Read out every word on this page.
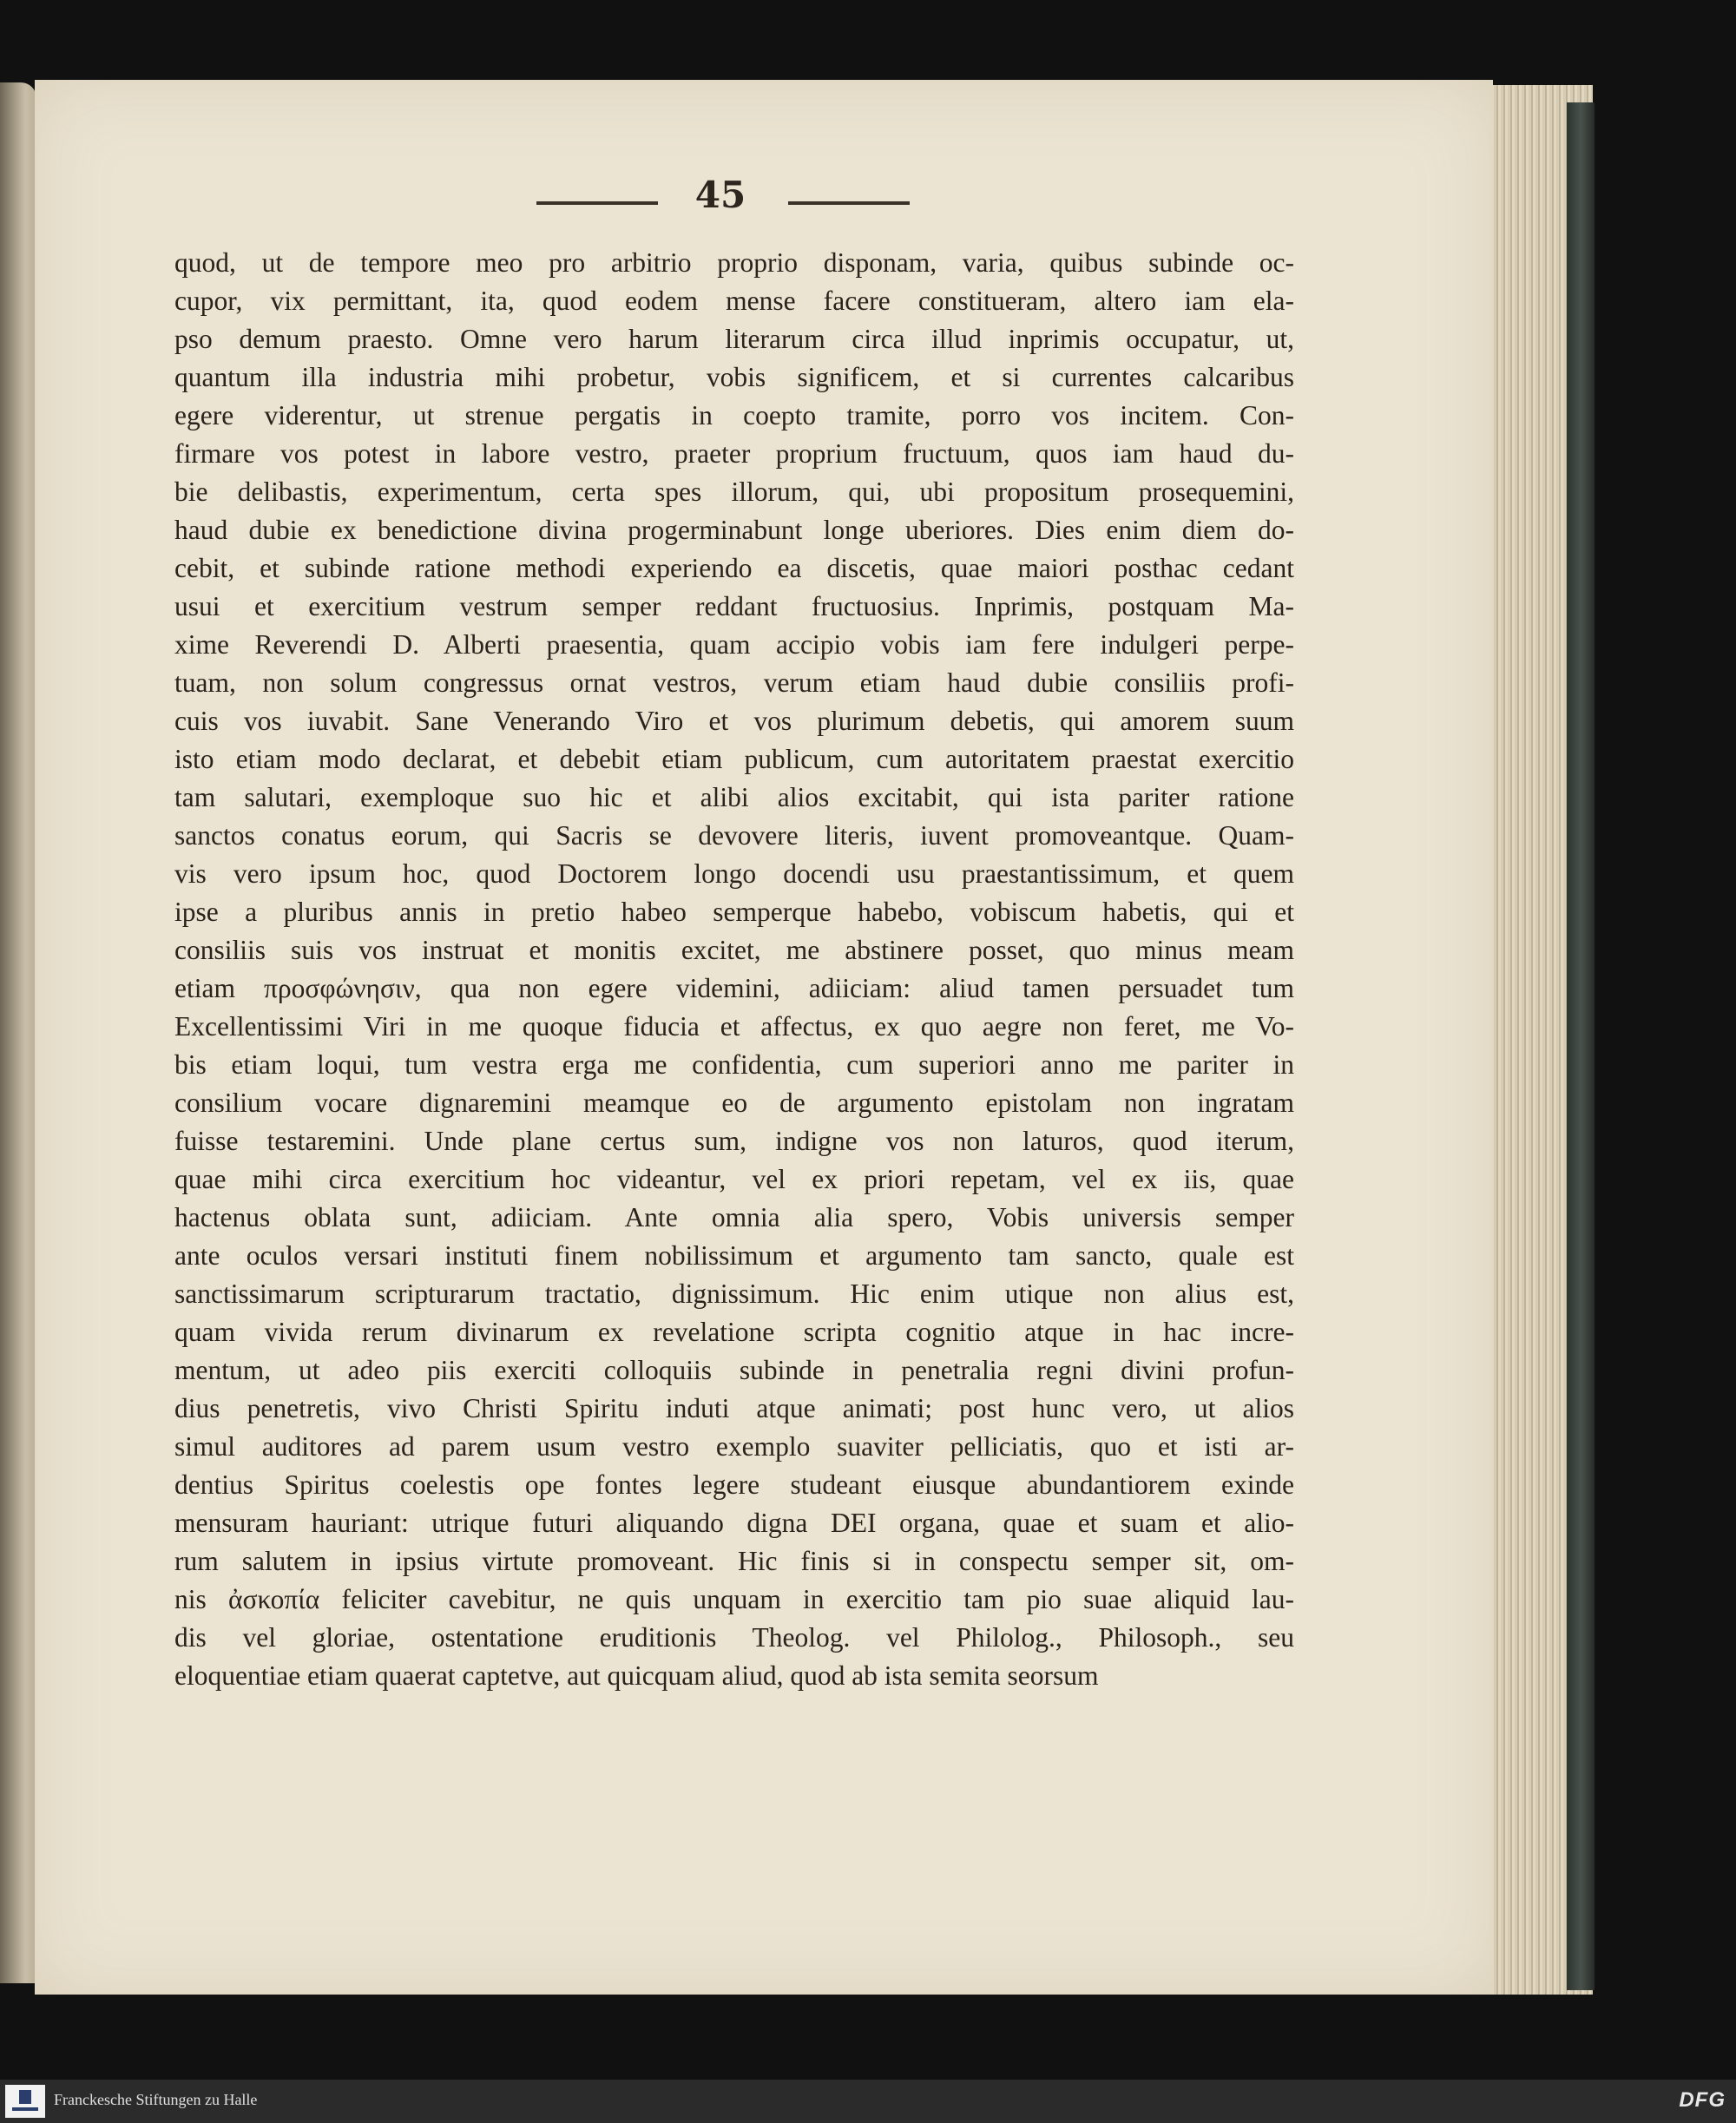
45
quod, ut de tempore meo pro arbitrio proprio disponam, varia, quibus subinde oc-
cupor, vix permittant, ita, quod eodem mense facere constitueram, altero iam ela-
pso demum praesto. Omne vero harum literarum circa illud inprimis occupatur, ut,
quantum illa industria mihi probetur, vobis significem, et si currentes calcaribus
egere viderentur, ut strenue pergatis in coepto tramite, porro vos incitem. Con-
firmare vos potest in labore vestro, praeter proprium fructuum, quos iam haud du-
bie delibastis, experimentum, certa spes illorum, qui, ubi propositum prosequemini,
haud dubie ex benedictione divina progerminabunt longe uberiores. Dies enim diem do-
cebit, et subinde ratione methodi experiendo ea discetis, quae maiori posthac cedant
usui et exercitium vestrum semper reddant fructuosius. Inprimis, postquam Ma-
xime Reverendi D. Alberti praesentia, quam accipio vobis iam fere indulgeri perpe-
tuam, non solum congressus ornat vestros, verum etiam haud dubie consiliis profi-
cuis vos iuvabit. Sane Venerando Viro et vos plurimum debetis, qui amorem suum
isto etiam modo declarat, et debebit etiam publicum, cum autoritatem praestat exercitio
tam salutari, exemploque suo hic et alibi alios excitabit, qui ista pariter ratione
sanctos conatus eorum, qui Sacris se devovere literis, iuvent promoveantque. Quam-
vis vero ipsum hoc, quod Doctorem longo docendi usu praestantissimum, et quem
ipse a pluribus annis in pretio habeo semperque habebo, vobiscum habetis, qui et
consiliis suis vos instruat et monitis excitet, me abstinere posset, quo minus meam
etiam προσφώνησιν, qua non egere videmini, adiiciam: aliud tamen persuadet tum
Excellentissimi Viri in me quoque fiducia et affectus, ex quo aegre non feret, me Vo-
bis etiam loqui, tum vestra erga me confidentia, cum superiori anno me pariter in
consilium vocare dignaremini meamque eo de argumento epistolam non ingratam
fuisse testaremini. Unde plane certus sum, indigne vos non laturos, quod iterum,
quae mihi circa exercitium hoc videantur, vel ex priori repetam, vel ex iis, quae
hactenus oblata sunt, adiiciam. Ante omnia alia spero, Vobis universis semper
ante oculos versari instituti finem nobilissimum et argumento tam sancto, quale est
sanctissimarum scripturarum tractatio, dignissimum. Hic enim utique non alius est,
quam vivida rerum divinarum ex revelatione scripta cognitio atque in hac incre-
mentum, ut adeo piis exerciti colloquiis subinde in penetralia regni divini profun-
dius penetretis, vivo Christi Spiritu induti atque animati; post hunc vero, ut alios
simul auditores ad parem usum vestro exemplo suaviter pelliciatis, quo et isti ar-
dentius Spiritus coelestis ope fontes legere studeant eiusque abundantiorem exinde
mensuram hauriant: utrique futuri aliquando digna DEI organa, quae et suam et alio-
rum salutem in ipsius virtute promoveant. Hic finis si in conspectu semper sit, om-
nis ἀσκοπία feliciter cavebitur, ne quis unquam in exercitio tam pio suae aliquid lau-
dis vel gloriae, ostentatione eruditionis Theolog. vel Philolog., Philosoph., seu
eloquentiae etiam quaerat captetve, aut quicquam aliud, quod ab ista semita seorsum
Franckesche Stiftungen zu Halle	DFG
